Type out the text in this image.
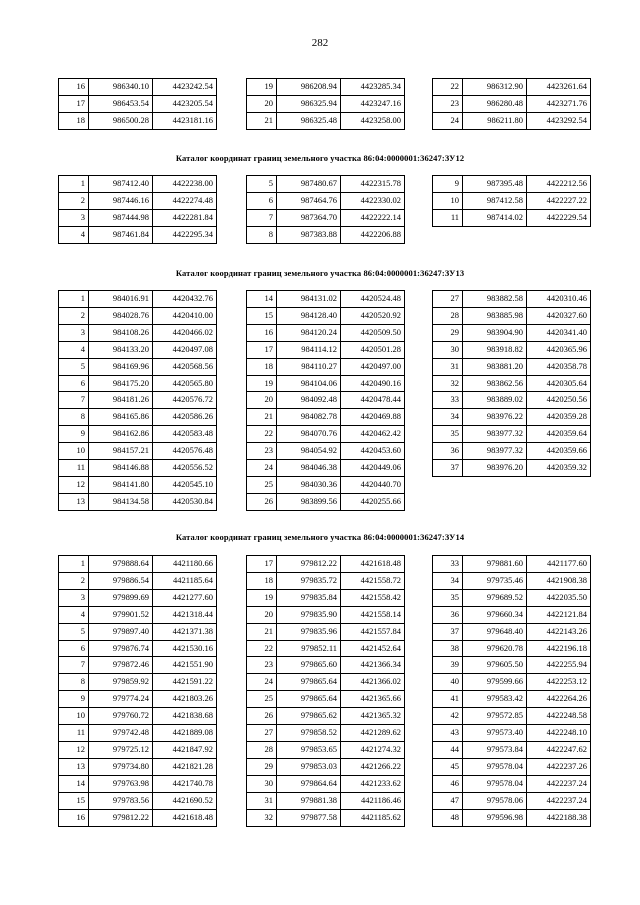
282
16	986340.10	4423242.54
17	986453.54	4423205.54
18	986500.28	4423181.16
19	986208.94	4423285.34
20	986325.94	4423247.16
21	986325.48	4423258.00
22	986312.90	4423261.64
23	986280.48	4423271.76
24	986211.80	4423292.54
Каталог координат границ земельного участка 86:04:0000001:36247:ЗУ12
1	987412.40	4422238.00
2	987446.16	4422274.48
3	987444.98	4422281.84
4	987461.84	4422295.34
5	987480.67	4422315.78
6	987464.76	4422330.02
7	987364.70	4422222.14
8	987383.88	4422206.88
9	987395.48	4422212.56
10	987412.58	4422227.22
11	987414.02	4422229.54
Каталог координат границ земельного участка 86:04:0000001:36247:ЗУ13
1	984016.91	4420432.76
2	984028.76	4420410.00
3	984108.26	4420466.02
4	984133.20	4420497.08
5	984169.96	4420568.56
6	984175.20	4420565.80
7	984181.26	4420576.72
8	984165.86	4420586.26
9	984162.86	4420583.48
10	984157.21	4420576.48
11	984146.88	4420556.52
12	984141.80	4420545.10
13	984134.58	4420530.84
14	984131.02	4420524.48
15	984128.40	4420520.92
16	984120.24	4420509.50
17	984114.12	4420501.28
18	984110.27	4420497.00
19	984104.06	4420490.16
20	984092.48	4420478.44
21	984082.78	4420469.88
22	984070.76	4420462.42
23	984054.92	4420453.60
24	984046.38	4420449.06
25	984030.36	4420440.70
26	983899.56	4420255.66
27	983882.58	4420310.46
28	983885.98	4420327.60
29	983904.90	4420341.40
30	983918.82	4420365.96
31	983881.20	4420358.78
32	983862.56	4420305.64
33	983889.02	4420250.56
34	983976.22	4420359.28
35	983977.32	4420359.64
36	983977.32	4420359.66
37	983976.20	4420359.32
Каталог координат границ земельного участка 86:04:0000001:36247:ЗУ14
1	979888.64	4421180.66
2	979886.54	4421185.64
3	979899.69	4421277.60
4	979901.52	4421318.44
5	979897.40	4421371.38
6	979876.74	4421530.16
7	979872.46	4421551.90
8	979859.92	4421591.22
9	979774.24	4421803.26
10	979760.72	4421838.68
11	979742.48	4421889.08
12	979725.12	4421847.92
13	979734.80	4421821.28
14	979763.98	4421740.78
15	979783.56	4421690.52
16	979812.22	4421618.48
17	979812.22	4421618.48
18	979835.72	4421558.72
19	979835.84	4421558.42
20	979835.90	4421558.14
21	979835.96	4421557.84
22	979852.11	4421452.64
23	979865.60	4421366.34
24	979865.64	4421366.02
25	979865.64	4421365.66
26	979865.62	4421365.32
27	979858.52	4421289.62
28	979853.65	4421274.32
29	979853.03	4421266.22
30	979864.64	4421233.62
31	979881.38	4421186.46
32	979877.58	4421185.62
33	979881.60	4421177.60
34	979735.46	4421908.38
35	979689.52	4422035.50
36	979660.34	4422121.84
37	979648.40	4422143.26
38	979620.78	4422196.18
39	979605.50	4422255.94
40	979599.66	4422253.12
41	979583.42	4422264.26
42	979572.85	4422248.58
43	979573.40	4422248.10
44	979573.84	4422247.62
45	979578.04	4422237.26
46	979578.04	4422237.24
47	979578.06	4422237.24
48	979596.98	4422188.38
